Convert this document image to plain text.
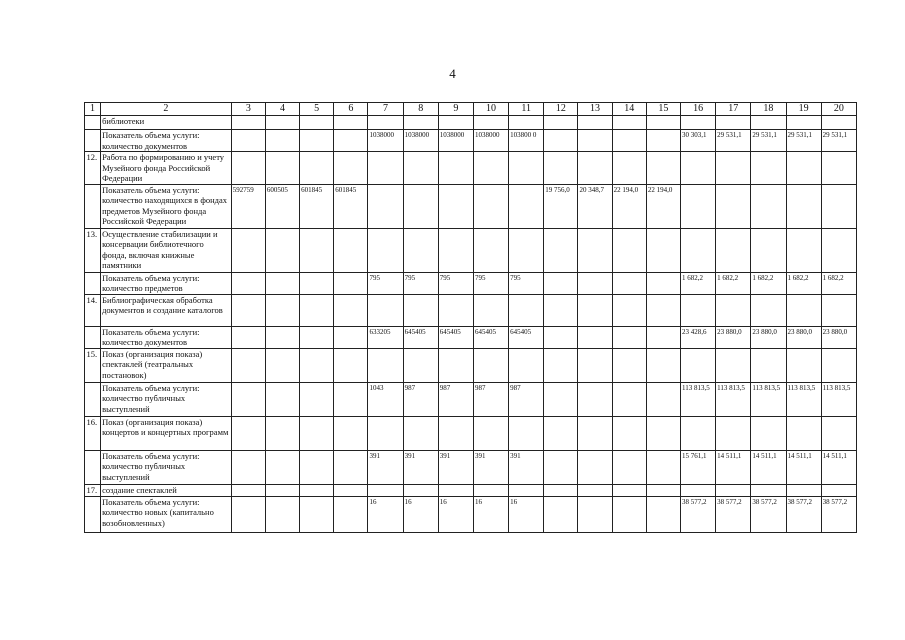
4
1	2	3	4	5	6	7	8	9	10	11	12	13	14	15	16	17	18	19	20
	библиотеки																		
	Показатель объема услуги: количество документов					1038000	1038000	1038000	1038000	103800 0					30 303,1	29 531,1	29 531,1	29 531,1	29 531,1
12.	Работа по формированию и учету Музейного фонда Российской Федерации																		
	Показатель объема услуги: количество находящихся в фондах предметов Музейного фонда Российской Федерации	592759	600505	601845	601845						19 756,0	20 348,7	22 194,0	22 194,0					
13.	Осуществление стабилизации и консервации библиотечного фонда, включая книжные памятники																		
	Показатель объема услуги: количество предметов					795	795	795	795	795					1 682,2	1 682,2	1 682,2	1 682,2	1 682,2
14.	Библиографическая обработка документов и создание каталогов																		
	Показатель объема услуги: количество документов					633205	645405	645405	645405	645405					23 428,6	23 880,0	23 880,0	23 880,0	23 880,0
15.	Показ (организация показа) спектаклей (театральных постановок)																		
	Показатель объема услуги: количество публичных выступлений					1043	987	987	987	987					113 813,5	113 813,5	113 813,5	113 813,5	113 813,5
16.	Показ (организация показа) концертов и концертных программ																		
	Показатель объема услуги: количество публичных выступлений					391	391	391	391	391					15 761,1	14 511,1	14 511,1	14 511,1	14 511,1
17.	создание спектаклей																		
	Показатель объема услуги: количество новых (капитально возобновленных)					16	16	16	16	16					38 577,2	38 577,2	38 577,2	38 577,2	38 577,2
